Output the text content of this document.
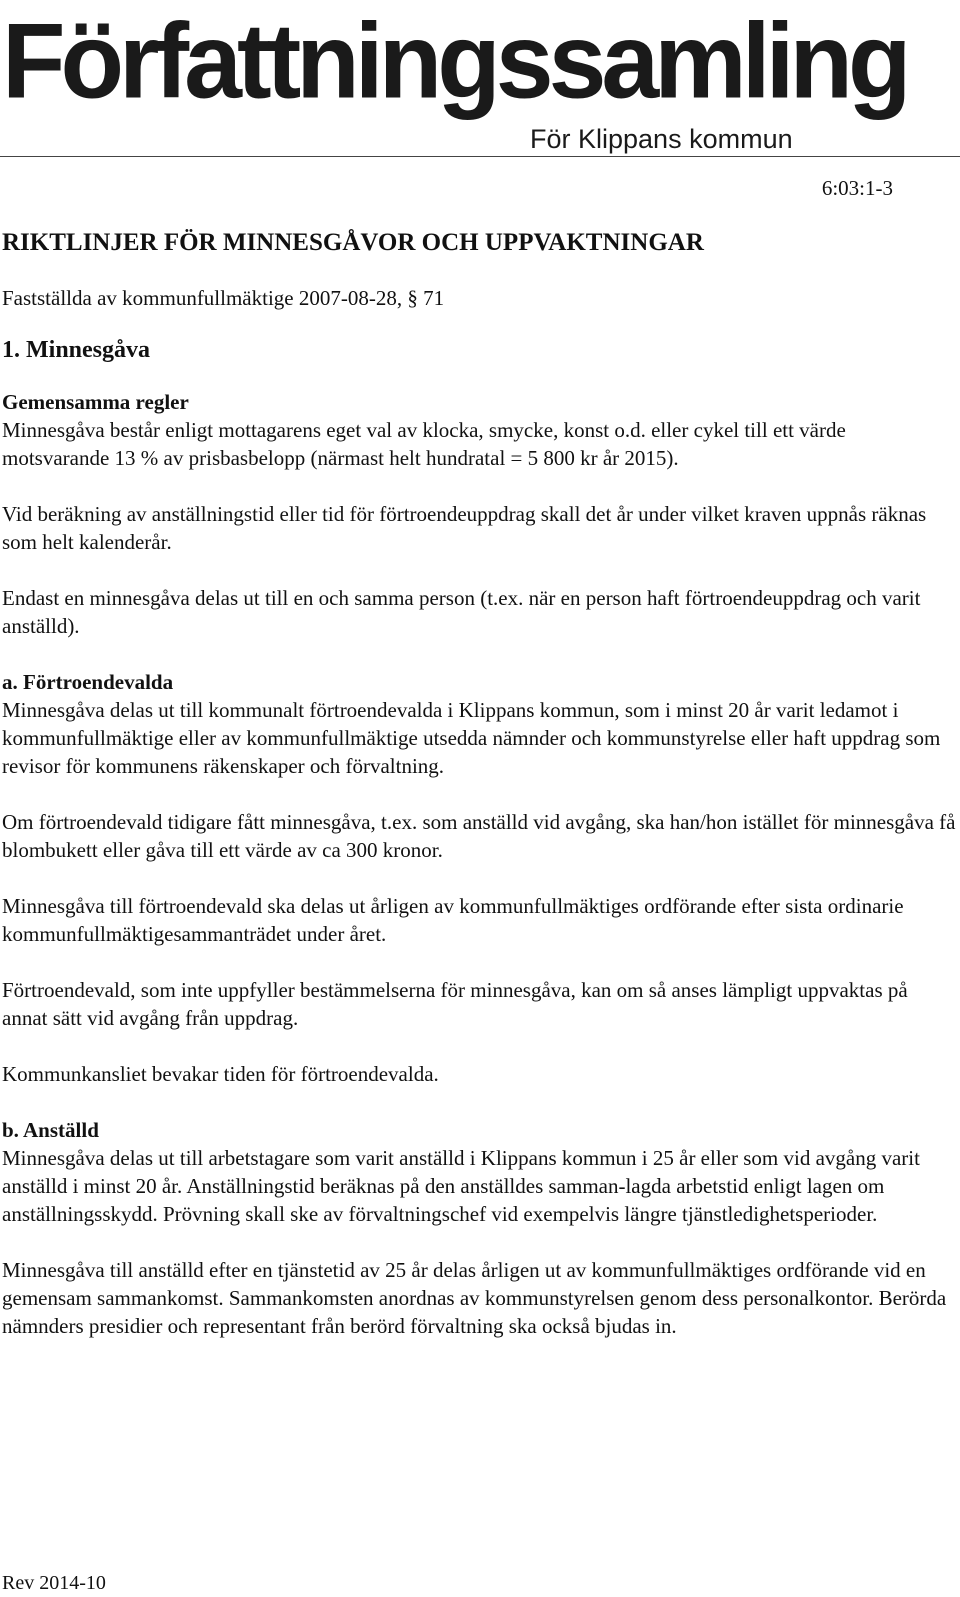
Författningssamling
För Klippans kommun
6:03:1-3
RIKTLINJER FÖR MINNESGÅVOR OCH UPPVAKTNINGAR
Fastställda av kommunfullmäktige 2007-08-28, § 71
1. Minnesgåva
Gemensamma regler

Minnesgåva består enligt mottagarens eget val av klocka, smycke, konst o.d. eller cykel till ett värde motsvarande 13 % av prisbasbelopp (närmast helt hundratal = 5 800 kr år 2015).

Vid beräkning av anställningstid eller tid för förtroendeuppdrag skall det år under vilket kraven uppnås räknas som helt kalenderår.

Endast en minnesgåva delas ut till en och samma person (t.ex. när en person haft förtroendeuppdrag och varit anställd).

a. Förtroendevalda

Minnesgåva delas ut till kommunalt förtroendevalda i Klippans kommun, som i minst 20 år varit ledamot i kommunfullmäktige eller av kommunfullmäktige utsedda nämnder och kommunstyrelse eller haft uppdrag som revisor för kommunens räkenskaper och förvaltning.

Om förtroendevald tidigare fått minnesgåva, t.ex. som anställd vid avgång, ska han/hon istället för minnesgåva få blombukett eller gåva till ett värde av ca 300 kronor.

Minnesgåva till förtroendevald ska delas ut årligen av kommunfullmäktiges ordförande efter sista ordinarie kommunfullmäktigesammanträdet under året.

Förtroendevald, som inte uppfyller bestämmelserna för minnesgåva, kan om så anses lämpligt uppvaktas på annat sätt vid avgång från uppdrag.

Kommunkansliet bevakar tiden för förtroendevalda.

b. Anställd

Minnesgåva delas ut till arbetstagare som varit anställd i Klippans kommun i 25 år eller som vid avgång varit anställd i minst 20 år. Anställningstid beräknas på den anställdes samman-lagda arbetstid enligt lagen om anställningsskydd. Prövning skall ske av förvaltningschef vid exempelvis längre tjänstledighetsperioder.

Minnesgåva till anställd efter en tjänstetid av 25 år delas årligen ut av kommunfullmäktiges ordförande vid en gemensam sammankomst. Sammankomsten anordnas av kommunstyrelsen genom dess personalkontor. Berörda nämnders presidier och representant från berörd förvaltning ska också bjudas in.

Rev 2014-10
